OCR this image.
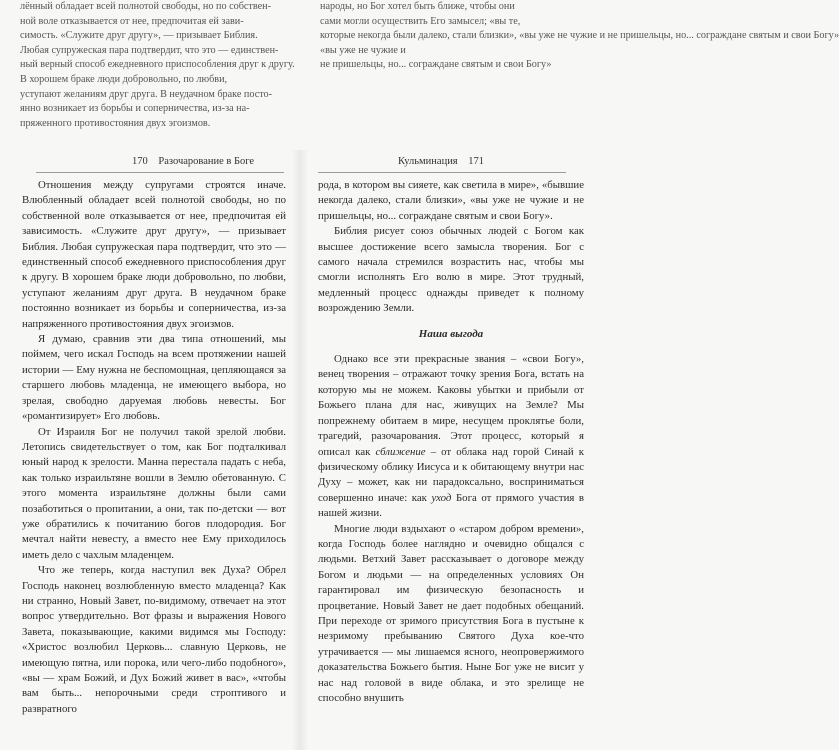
лённый обладает всей полнотой свободы, но по собствен-
ной воле отказывается от нее, предпочитая ей зави-
симость. «Служите друг другу», — призывает Библия.
Любая супружеская пара подтвердит, что это — единствен-
ный верный способ ежедневного приспособления друг к другу.
В хорошем браке люди добровольно, по любви,
уступают желаниям друг друга. В неудачном браке посто-
янно возникает из борьбы и соперничества, из-за на-
пряженного противостояния двух эгоизмов.
народы, но Бог хотел быть ближе, чтобы они
сами могли осуществить Его замысел; «вы те,
которые некогда были далеко, стали близки», «вы уже не чужие и не пришельцы, но... сограждане святым и свои Богу»
«вы уже не чужие и
не пришельцы, но... сограждане святым и свои Богу»
170 Разочарование в Боге	Кульминация 171

Отношения между супругами строятся иначе. Влюбленный обладает всей полнотой свободы, но по собственной воле отказывается от нее, предпочитая ей зависимость. «Служите друг другу», — призывает Библия. Любая супружеская пара подтвердит, что это — единственный способ ежедневного приспособления друг к другу. В хорошем браке люди добровольно, по любви, уступают желаниям друг друга. В неудачном браке постоянно возникает из борьбы и соперничества, из-за напряженного противостояния двух эгоизмов.

Я думаю, сравнив эти два типа отношений, мы поймем, чего искал Господь на всем протяжении нашей истории — Ему нужна не беспомощная, цепляющаяся за старшего любовь младенца, не имеющего выбора, но зрелая, свободно даруемая любовь невесты. Бог «романтизирует» Его любовь.

От Израиля Бог не получил такой зрелой любви. Летопись свидетельствует о том, как Бог подталкивал юный народ к зрелости. Манна перестала падать с неба, как только израильтяне вошли в Землю обетованную. С этого момента израильтяне должны были сами позаботиться о пропитании, а они, так по-детски — вот уже обратились к почитанию богов плодородия. Бог мечтал найти невесту, а вместо нее Ему приходилось иметь дело с чахлым младенцем.

Что же теперь, когда наступил век Духа? Обрел Господь наконец возлюбленную вместо младенца? Как ни странно, Новый Завет, по-видимому, отвечает на этот вопрос утвердительно. Вот фразы и выражения Нового Завета, показывающие, какими видимся мы Господу: «Христос возлюбил Церковь... славную Церковь, не имеющую пятна, или порока, или чего-либо подобного», «вы — храм Божий, и Дух Божий живет в вас», «чтобы вам быть... непорочными среди строптивого и развратного

рода, в котором вы сияете, как светила в мире», «бывшие некогда далеко, стали близки», «вы уже не чужие и не пришельцы, но... сограждане святым и свои Богу».

Библия рисует союз обычных людей с Богом как высшее достижение всего замысла творения. Бог с самого начала стремился возрастить нас, чтобы мы смогли исполнять Его волю в мире. Этот трудный, медленный процесс однажды приведет к полному возрождению Земли.

Наша выгода

Однако все эти прекрасные звания – «свои Богу», венец творения – отражают точку зрения Бога, встать на которую мы не можем. Каковы убытки и прибыли от Божьего плана для нас, живущих на Земле? Мы попрежнему обитаем в мире, несущем проклятье боли, трагедий, разочарования. Этот процесс, который я описал как сближение – от облака над горой Синай к физическому облику Иисуса и к обитающему внутри нас Духу – может, как ни парадоксально, восприниматься совершенно иначе: как уход Бога от прямого участия в нашей жизни.

Многие люди вздыхают о «старом добром времени», когда Господь более наглядно и очевидно общался с людьми. Ветхий Завет рассказывает о договоре между Богом и людьми — на определенных условиях Он гарантировал им физическую безопасность и процветание. Новый Завет не дает подобных обещаний. При переходе от зримого присутствия Бога в пустыне к незримому пребыванию Святого Духа кое-что утрачивается — мы лишаемся ясного, неопровержимого доказательства Божьего бытия. Ныне Бог уже не висит у нас над головой в виде облака, и это зрелище не способно внушить
